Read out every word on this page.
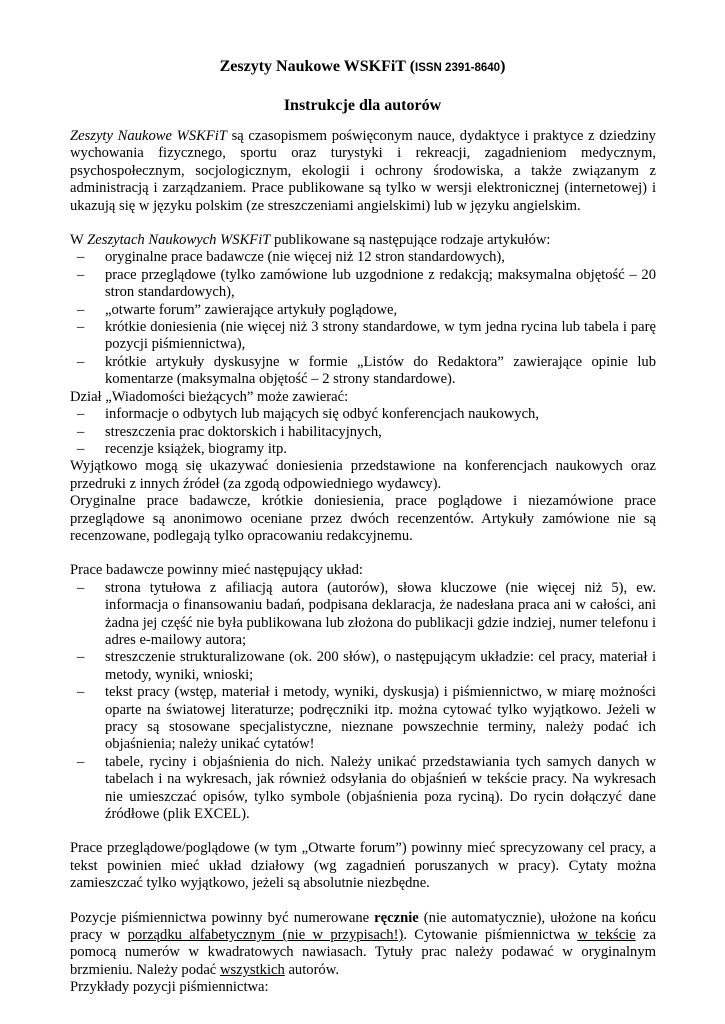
Zeszyty Naukowe WSKFiT (ISSN 2391-8640)
Instrukcje dla autorów

Zeszyty Naukowe WSKFiT są czasopismem poświęconym nauce, dydaktyce i praktyce z dziedziny wychowania fizycznego, sportu oraz turystyki i rekreacji, zagadnieniom medycznym, psychospołecznym, socjologicznym, ekologii i ochrony środowiska, a także związanym z administracją i zarządzaniem. Prace publikowane są tylko w wersji elektronicznej (internetowej) i ukazują się w języku polskim (ze streszczeniami angielskimi) lub w języku angielskim.

W Zeszytach Naukowych WSKFiT publikowane są następujące rodzaje artykułów:

– oryginalne prace badawcze (nie więcej niż 12 stron standardowych),
– prace przeglądowe (tylko zamówione lub uzgodnione z redakcją; maksymalna objętość – 20 stron standardowych),
– „otwarte forum” zawierające artykuły poglądowe,
– krótkie doniesienia (nie więcej niż 3 strony standardowe, w tym jedna rycina lub tabela i parę pozycji piśmiennictwa),
– krótkie artykuły dyskusyjne w formie „Listów do Redaktora” zawierające opinie lub komentarze (maksymalna objętość – 2 strony standardowe).

Dział „Wiadomości bieżących” może zawierać:

– informacje o odbytych lub mających się odbyć konferencjach naukowych,
– streszczenia prac doktorskich i habilitacyjnych,
– recenzje książek, biogramy itp.

Wyjątkowo mogą się ukazywać doniesienia przedstawione na konferencjach naukowych oraz przedruki z innych źródeł (za zgodą odpowiedniego wydawcy).

Oryginalne prace badawcze, krótkie doniesienia, prace poglądowe i niezamówione prace przeglądowe są anonimowo oceniane przez dwóch recenzentów. Artykuły zamówione nie są recenzowane, podlegają tylko opracowaniu redakcyjnemu.

Prace badawcze powinny mieć następujący układ:

– strona tytułowa z afiliacją autora (autorów), słowa kluczowe (nie więcej niż 5), ew. informacja o finansowaniu badań, podpisana deklaracja, że nadesłana praca ani w całości, ani żadna jej część nie była publikowana lub złożona do publikacji gdzie indziej, numer telefonu i adres e-mailowy autora;
– streszczenie strukturalizowane (ok. 200 słów), o następującym układzie: cel pracy, materiał i metody, wyniki, wnioski;
– tekst pracy (wstęp, materiał i metody, wyniki, dyskusja) i piśmiennictwo, w miarę możności oparte na światowej literaturze; podręczniki itp. można cytować tylko wyjątkowo. Jeżeli w pracy są stosowane specjalistyczne, nieznane powszechnie terminy, należy podać ich objaśnienia; należy unikać cytatów!
– tabele, ryciny i objaśnienia do nich. Należy unikać przedstawiania tych samych danych w tabelach i na wykresach, jak również odsyłania do objaśnień w tekście pracy. Na wykresach nie umieszczać opisów, tylko symbole (objaśnienia poza ryciną). Do rycin dołączyć dane źródłowe (plik EXCEL).

Prace przeglądowe/poglądowe (w tym „Otwarte forum”) powinny mieć sprecyzowany cel pracy, a tekst powinien mieć układ działowy (wg zagadnień poruszanych w pracy). Cytaty można zamieszczać tylko wyjątkowo, jeżeli są absolutnie niezbędne.

Pozycje piśmiennictwa powinny być numerowane ręcznie (nie automatycznie), ułożone na końcu pracy w porządku alfabetycznym (nie w przypisach!). Cytowanie piśmiennictwa w tekście za pomocą numerów w kwadratowych nawiasach. Tytuły prac należy podawać w oryginalnym brzmieniu. Należy podać wszystkich autorów.

Przykłady pozycji piśmiennictwa:
